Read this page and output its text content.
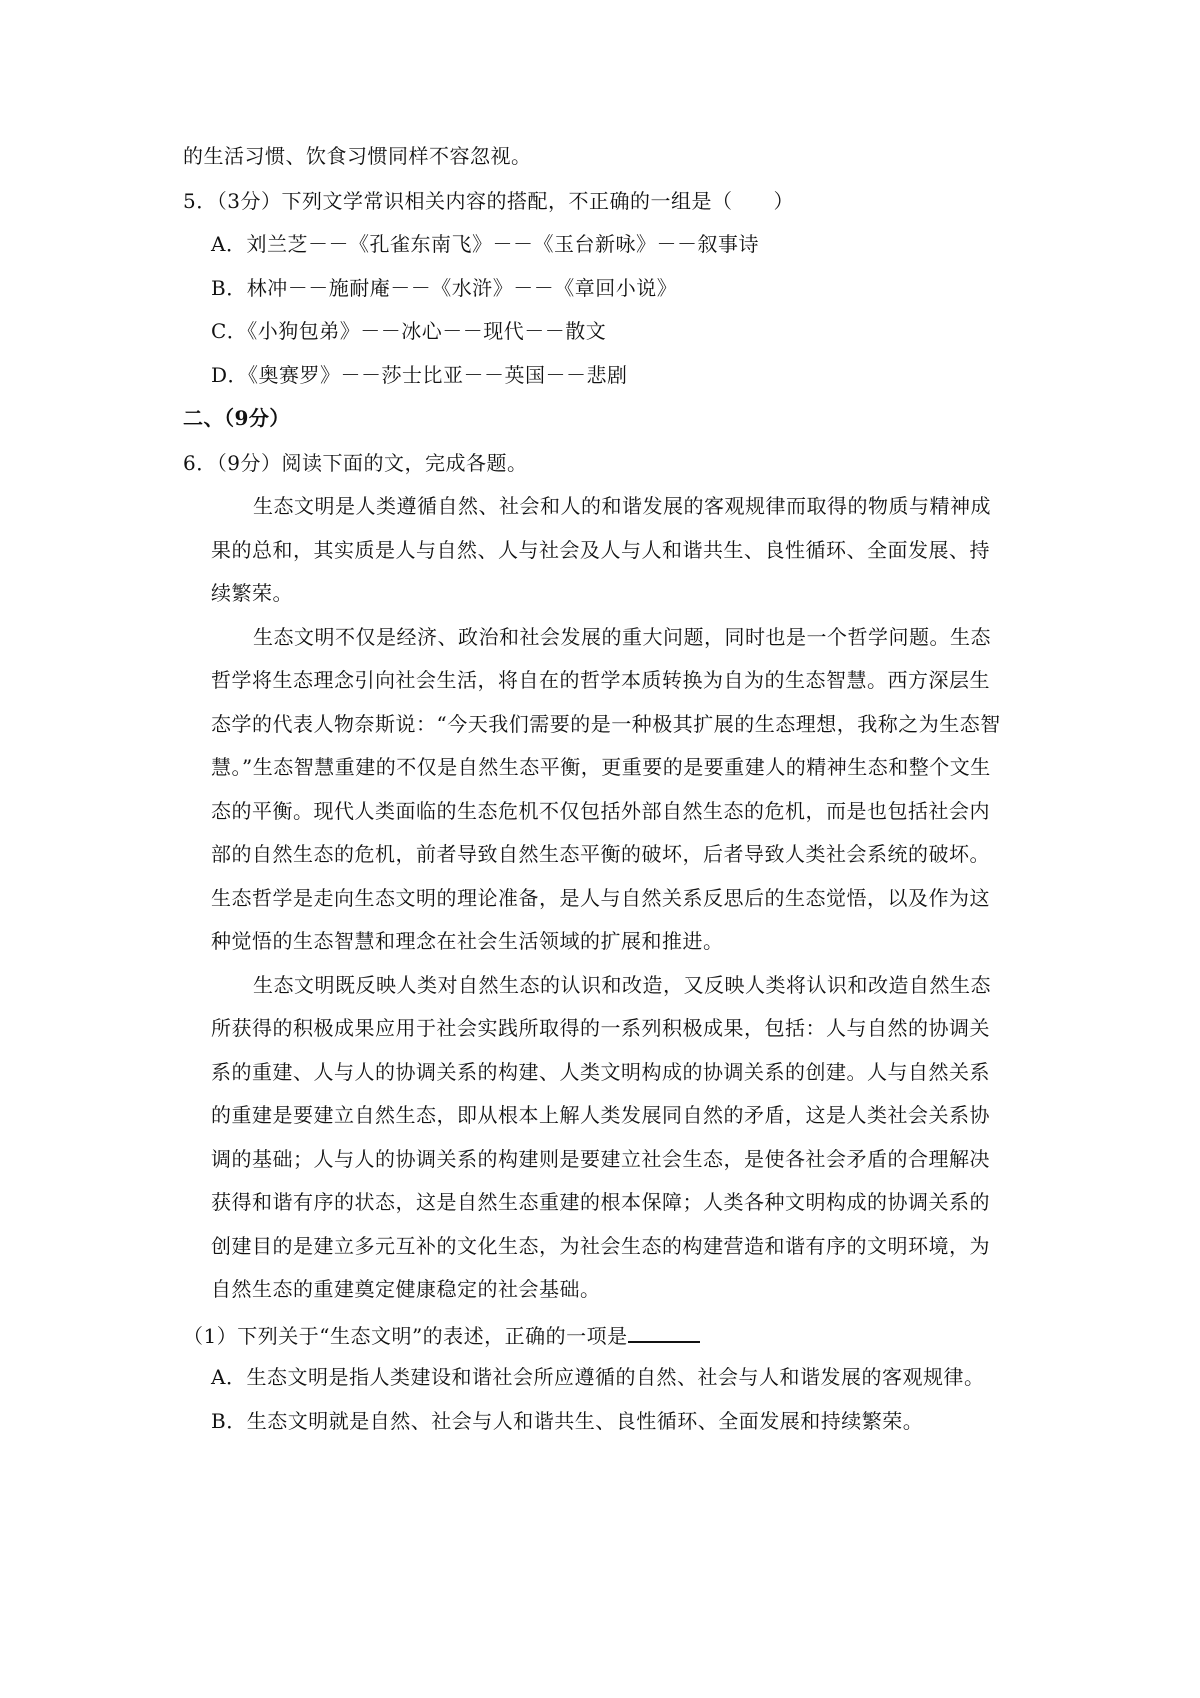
的生活习惯、饮食习惯同样不容忽视。
5．（3分）下列文学常识相关内容的搭配，不正确的一组是（　　）
A．刘兰芝－－《孔雀东南飞》－－《玉台新咏》－－叙事诗
B．林冲－－施耐庵－－《水浒》－－《章回小说》
C．《小狗包弟》－－冰心－－现代－－散文
D．《奥赛罗》－－莎士比亚－－英国－－悲剧
二、（9分）
6．（9分）阅读下面的文，完成各题。
生态文明是人类遵循自然、社会和人的和谐发展的客观规律而取得的物质与精神成
果的总和，其实质是人与自然、人与社会及人与人和谐共生、良性循环、全面发展、持
续繁荣。
生态文明不仅是经济、政治和社会发展的重大问题，同时也是一个哲学问题。生态
哲学将生态理念引向社会生活，将自在的哲学本质转换为自为的生态智慧。西方深层生
态学的代表人物奈斯说：“今天我们需要的是一种极其扩展的生态理想，我称之为生态智
慧。”生态智慧重建的不仅是自然生态平衡，更重要的是要重建人的精神生态和整个文生
态的平衡。现代人类面临的生态危机不仅包括外部自然生态的危机，而是也包括社会内
部的自然生态的危机，前者导致自然生态平衡的破坏，后者导致人类社会系统的破坏。
生态哲学是走向生态文明的理论准备，是人与自然关系反思后的生态觉悟，以及作为这
种觉悟的生态智慧和理念在社会生活领域的扩展和推进。
生态文明既反映人类对自然生态的认识和改造，又反映人类将认识和改造自然生态
所获得的积极成果应用于社会实践所取得的一系列积极成果，包括：人与自然的协调关
系的重建、人与人的协调关系的构建、人类文明构成的协调关系的创建。人与自然关系
的重建是要建立自然生态，即从根本上解人类发展同自然的矛盾，这是人类社会关系协
调的基础；人与人的协调关系的构建则是要建立社会生态，是使各社会矛盾的合理解决
获得和谐有序的状态，这是自然生态重建的根本保障；人类各种文明构成的协调关系的
创建目的是建立多元互补的文化生态，为社会生态的构建营造和谐有序的文明环境，为
自然生态的重建奠定健康稳定的社会基础。
（1）下列关于“生态文明”的表述，正确的一项是
A．生态文明是指人类建设和谐社会所应遵循的自然、社会与人和谐发展的客观规律。
B．生态文明就是自然、社会与人和谐共生、良性循环、全面发展和持续繁荣。
